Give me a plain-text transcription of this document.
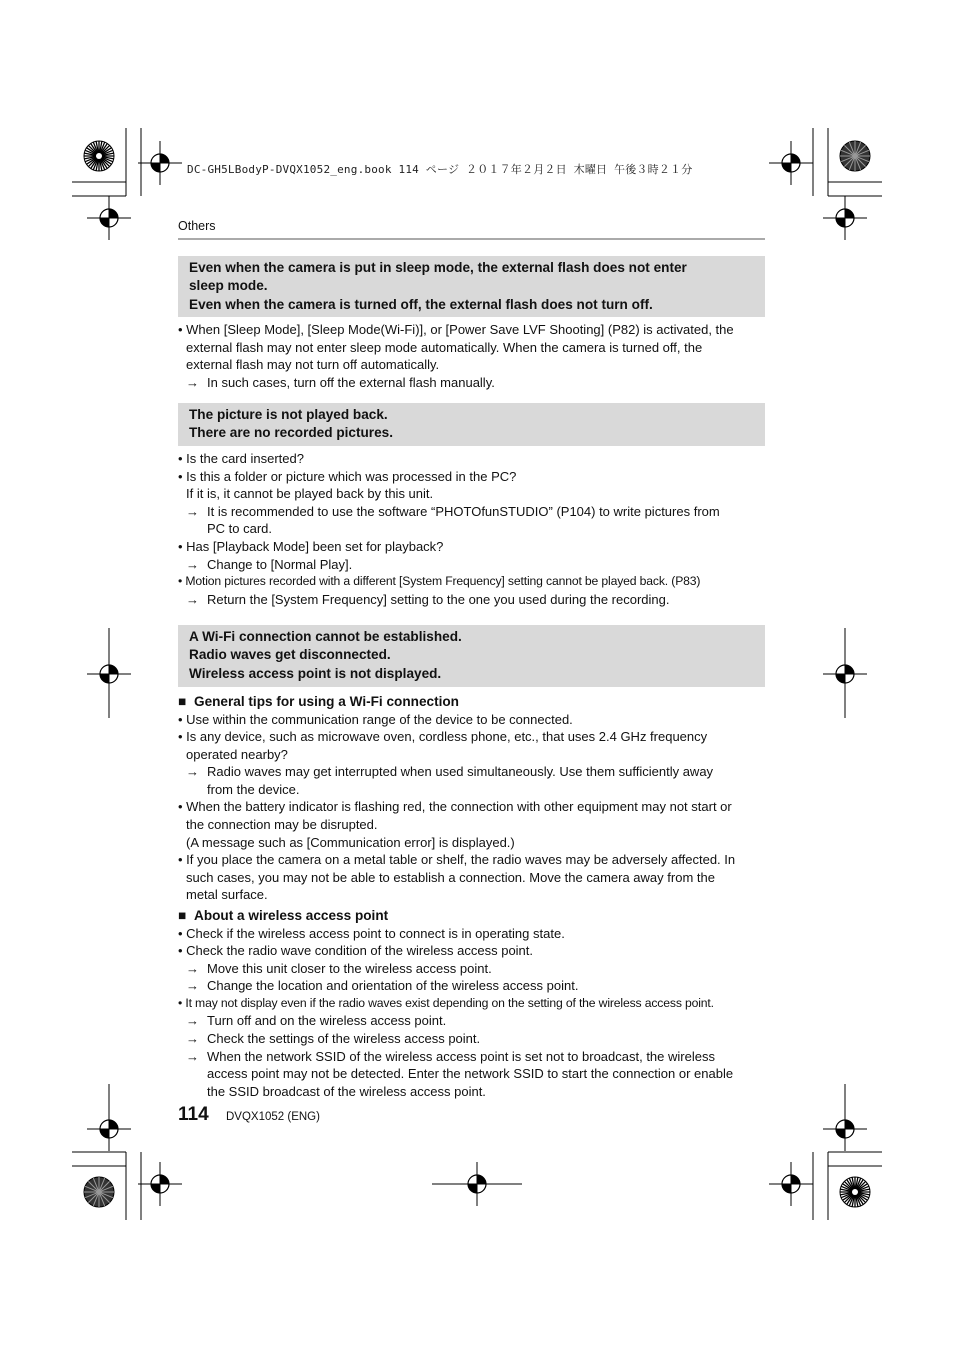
DC-GH5LBodyP-DVQX1052_eng.book 114 ページ ２０１７年２月２日 木曜日 午後３時２１分
Others
Even when the camera is put in sleep mode, the external flash does not enter
sleep mode.
Even when the camera is turned off, the external flash does not turn off.
• When [Sleep Mode], [Sleep Mode(Wi-Fi)], or [Power Save LVF Shooting] (P82) is activated, the
external flash may not enter sleep mode automatically. When the camera is turned off, the
external flash may not turn off automatically.
→ In such cases, turn off the external flash manually.
The picture is not played back.
There are no recorded pictures.
• Is the card inserted?
• Is this a folder or picture which was processed in the PC?
If it is, it cannot be played back by this unit.
→ It is recommended to use the software “PHOTOfunSTUDIO” (P104) to write pictures from
PC to card.
• Has [Playback Mode] been set for playback?
→ Change to [Normal Play].
• Motion pictures recorded with a different [System Frequency] setting cannot be played back. (P83)
→ Return the [System Frequency] setting to the one you used during the recording.
A Wi-Fi connection cannot be established.
Radio waves get disconnected.
Wireless access point is not displayed.
■ General tips for using a Wi-Fi connection
• Use within the communication range of the device to be connected.
• Is any device, such as microwave oven, cordless phone, etc., that uses 2.4 GHz frequency
operated nearby?
→ Radio waves may get interrupted when used simultaneously. Use them sufficiently away
from the device.
• When the battery indicator is flashing red, the connection with other equipment may not start or
the connection may be disrupted.
(A message such as [Communication error] is displayed.)
• If you place the camera on a metal table or shelf, the radio waves may be adversely affected. In
such cases, you may not be able to establish a connection. Move the camera away from the
metal surface.
■ About a wireless access point
• Check if the wireless access point to connect is in operating state.
• Check the radio wave condition of the wireless access point.
→ Move this unit closer to the wireless access point.
→ Change the location and orientation of the wireless access point.
• It may not display even if the radio waves exist depending on the setting of the wireless access point.
→ Turn off and on the wireless access point.
→ Check the settings of the wireless access point.
→ When the network SSID of the wireless access point is set not to broadcast, the wireless
access point may not be detected. Enter the network SSID to start the connection or enable
the SSID broadcast of the wireless access point.
114 DVQX1052 (ENG)
